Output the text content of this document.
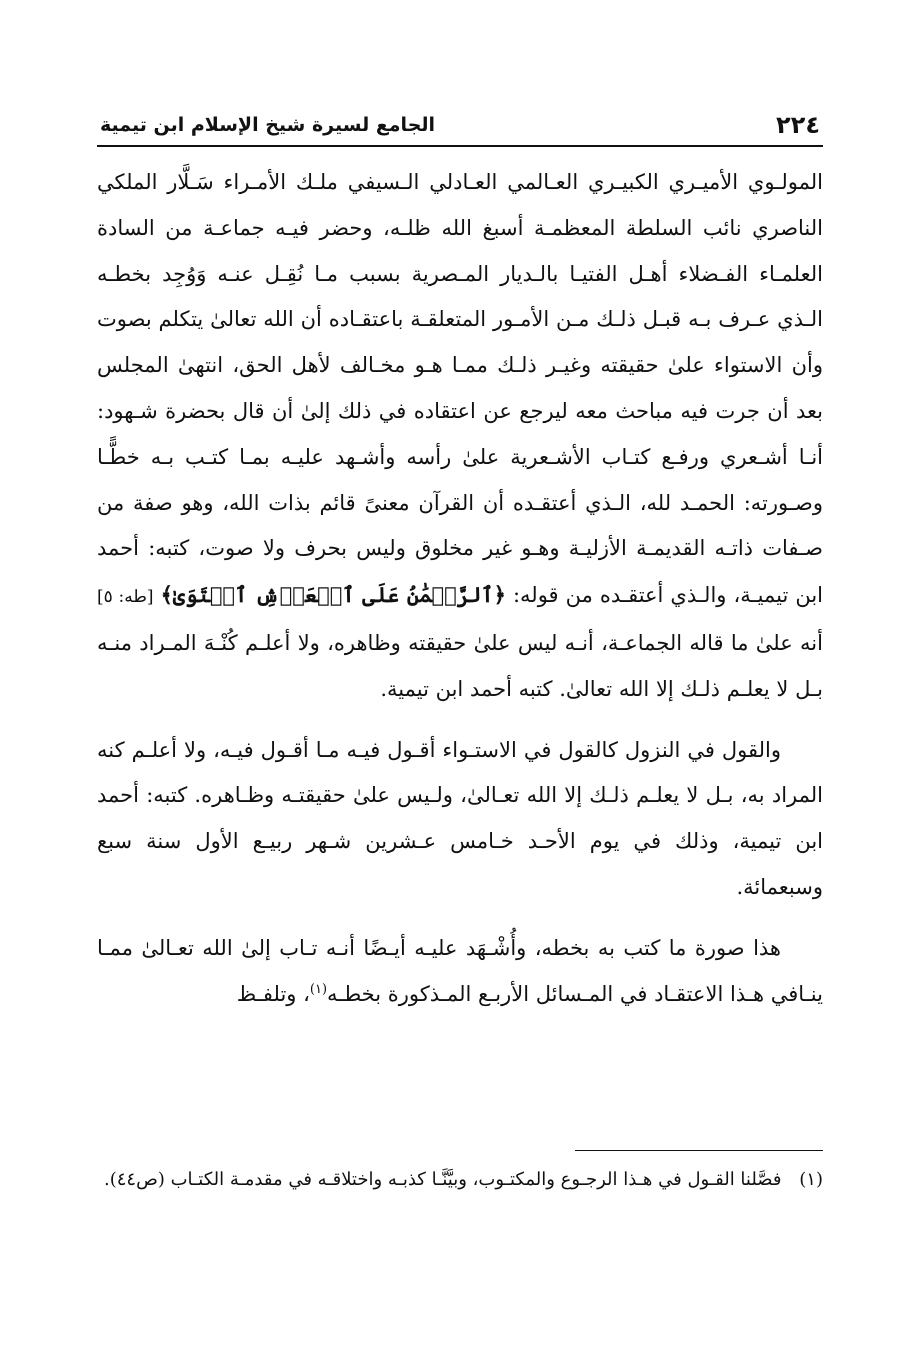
٢٢٤
الجامع لسيرة شيخ الإسلام ابن تيمية

المولـوي الأميـري الكبيـري العـالمي العـادلي الـسيفي ملـك الأمـراء سَـلَّار الملكي الناصري نائب السلطة المعظمـة أسبغ الله ظلـه، وحضر فيـه جماعـة من السادة العلمـاء الفـضلاء أهـل الفتيـا بالـديار المـصرية بسبب مـا نُقِـل عنـه وَوُجِد بخطـه الـذي عـرف بـه قبـل ذلـك مـن الأمـور المتعلقـة باعتقـاده أن الله تعالىٰ يتكلم بصوت وأن الاستواء علىٰ حقيقته وغيـر ذلـك ممـا هـو مخـالف لأهل الحق، انتهىٰ المجلس بعد أن جرت فيه مباحث معه ليرجع عن اعتقاده في ذلك إلىٰ أن قال بحضرة شـهود: أنـا أشـعري ورفـع كتـاب الأشـعرية علىٰ رأسه وأشـهد عليـه بمـا كتـب بـه خطًّـا وصـورته: الحمـد لله، الـذي أعتقـده أن القرآن معنىً قائم بذات الله، وهو صفة من صـفات ذاتـه القديمـة الأزليـة وهـو غير مخلوق وليس بحرف ولا صوت، كتبه: أحمد ابن تيميـة، والـذي أعتقـده من قوله: ﴿ٱلرَّحۡمَٰنُ عَلَى ٱلۡعَرۡشِ ٱسۡتَوَىٰ﴾ [طه: ٥] أنه علىٰ ما قاله الجماعـة، أنـه ليس علىٰ حقيقته وظاهره، ولا أعلـم كُنْـهَ المـراد منـه بـل لا يعلـم ذلـك إلا الله تعالىٰ. كتبه أحمد ابن تيمية.

والقول في النزول كالقول في الاستـواء أقـول فيـه مـا أقـول فيـه، ولا أعلـم كنه المراد به، بـل لا يعلـم ذلـك إلا الله تعـالىٰ، ولـيس علىٰ حقيقتـه وظـاهره. كتبه: أحمد ابن تيمية، وذلك في يوم الأحـد خـامس عـشرين شـهر ربيـع الأول سنة سبع وسبعمائة.

هذا صورة ما كتب به بخطه، وأُشْـهَد عليـه أيـضًا أنـه تـاب إلىٰ الله تعـالىٰ ممـا ينـافي هـذا الاعتقـاد في المـسائل الأربـع المـذكورة بخطـه$^{(١)}$، وتلفـظ

(١) فصَّلنا القـول في هـذا الرجـوع والمكتـوب، وبيَّنَّـا كذبـه واختلاقـه في مقدمـة الكتـاب (ص٤٤).
